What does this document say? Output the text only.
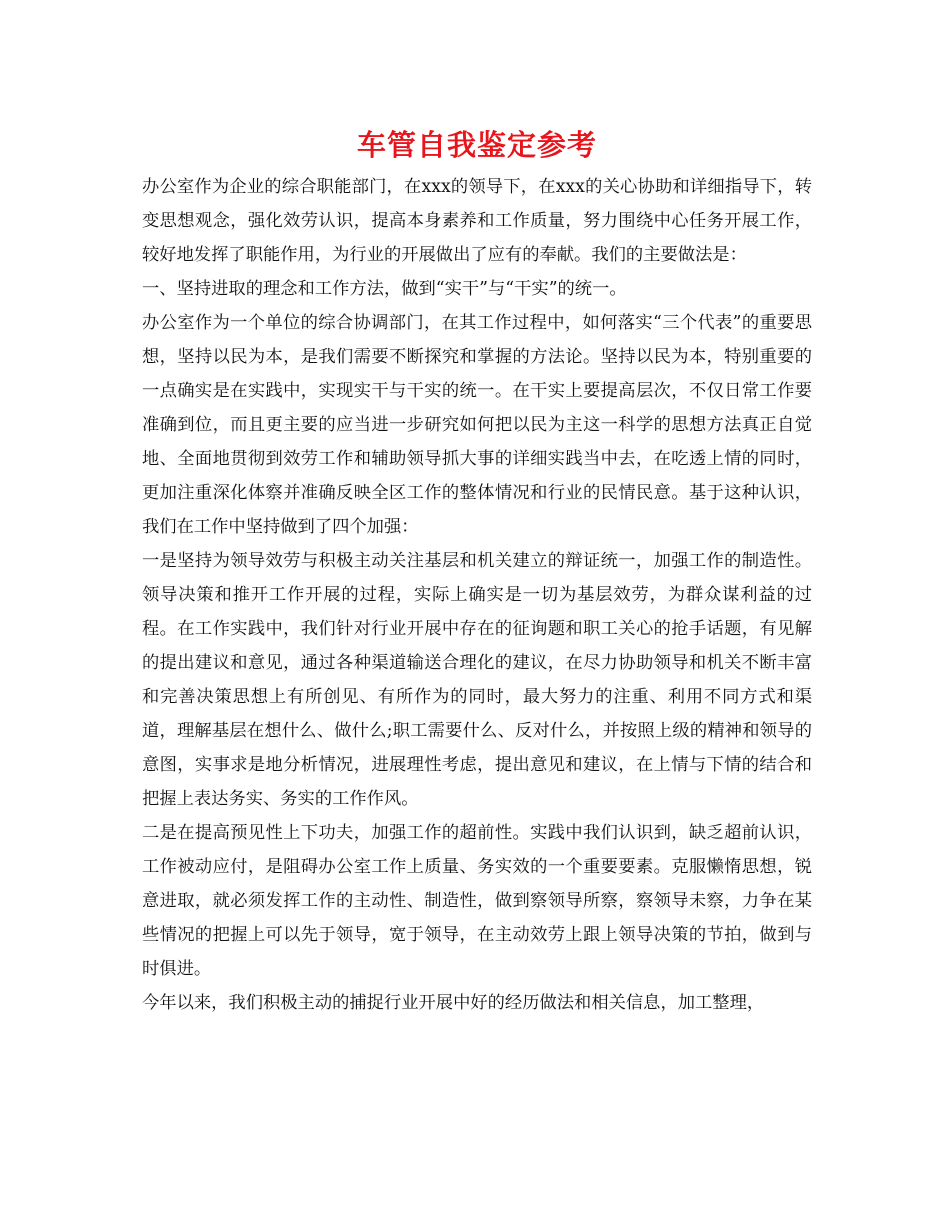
车管自我鉴定参考

办公室作为企业的综合职能部门，在xxx的领导下，在xxx的关心协助和详细指导下，转变思想观念，强化效劳认识，提高本身素养和工作质量，努力围绕中心任务开展工作，较好地发挥了职能作用，为行业的开展做出了应有的奉献。我们的主要做法是：

一、坚持进取的理念和工作方法，做到“实干”与“干实”的统一。

办公室作为一个单位的综合协调部门，在其工作过程中，如何落实“三个代表”的重要思想，坚持以民为本，是我们需要不断探究和掌握的方法论。坚持以民为本，特别重要的一点确实是在实践中，实现实干与干实的统一。在干实上要提高层次，不仅日常工作要准确到位，而且更主要的应当进一步研究如何把以民为主这一科学的思想方法真正自觉地、全面地贯彻到效劳工作和辅助领导抓大事的详细实践当中去，在吃透上情的同时，更加注重深化体察并准确反映全区工作的整体情况和行业的民情民意。基于这种认识，我们在工作中坚持做到了四个加强：

一是坚持为领导效劳与积极主动关注基层和机关建立的辩证统一，加强工作的制造性。领导决策和推开工作开展的过程，实际上确实是一切为基层效劳，为群众谋利益的过程。在工作实践中，我们针对行业开展中存在的征询题和职工关心的抢手话题，有见解的提出建议和意见，通过各种渠道输送合理化的建议，在尽力协助领导和机关不断丰富和完善决策思想上有所创见、有所作为的同时，最大努力的注重、利用不同方式和渠道，理解基层在想什么、做什么;职工需要什么、反对什么，并按照上级的精神和领导的意图，实事求是地分析情况，进展理性考虑，提出意见和建议，在上情与下情的结合和把握上表达务实、务实的工作作风。

二是在提高预见性上下功夫，加强工作的超前性。实践中我们认识到，缺乏超前认识，工作被动应付，是阻碍办公室工作上质量、务实效的一个重要要素。克服懒惰思想，锐意进取，就必须发挥工作的主动性、制造性，做到察领导所察，察领导未察，力争在某些情况的把握上可以先于领导，宽于领导，在主动效劳上跟上领导决策的节拍，做到与时俱进。

今年以来，我们积极主动的捕捉行业开展中好的经历做法和相关信息，加工整理，
